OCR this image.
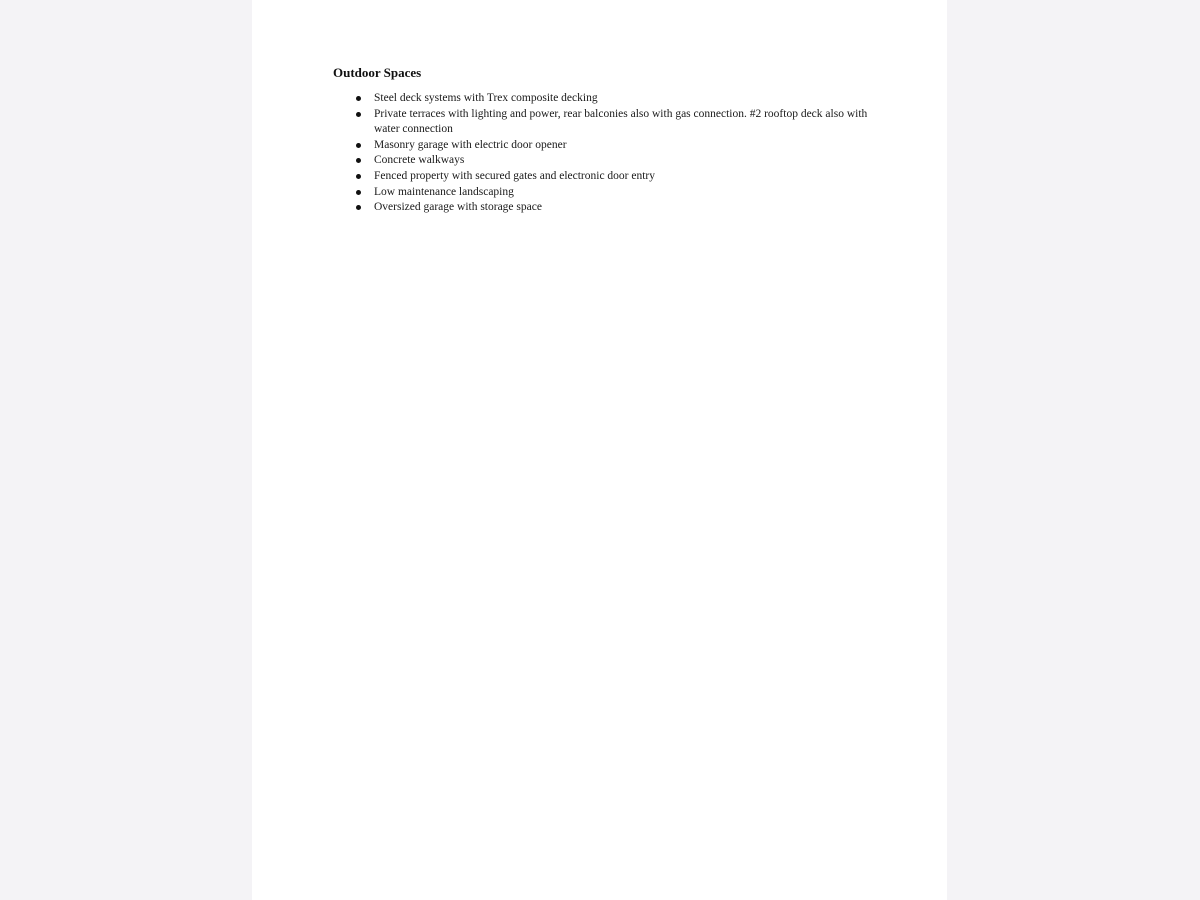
Outdoor Spaces
Steel deck systems with Trex composite decking
Private terraces with lighting and power, rear balconies also with gas connection. #2 rooftop deck also with water connection
Masonry garage with electric door opener
Concrete walkways
Fenced property with secured gates and electronic door entry
Low maintenance landscaping
Oversized garage with storage space
